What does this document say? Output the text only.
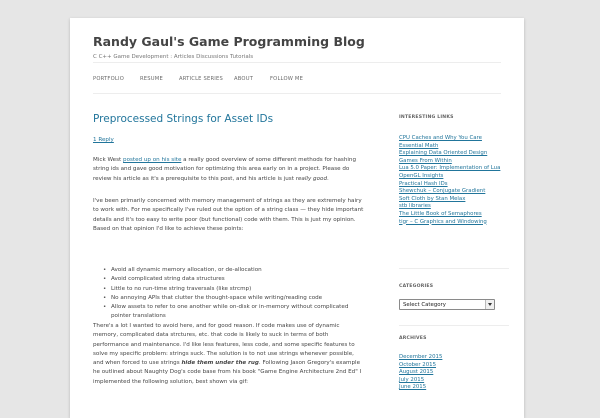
Randy Gaul's Game Programming Blog
C C++ Game Development : Articles Discussions Tutorials
PORTFOLIO	RESUME	ARTICLE SERIES ABOUT	FOLLOW ME
Preprocessed Strings for Asset IDs
1 Reply

Mick West posted up on his site a really good overview of some different methods for hashing string ids and gave good motivation for optimizing this area early on in a project. Please do review his article as it's a prerequisite to this post, and his article is just really good.

I've been primarily concerned with memory management of strings as they are extremely hairy to work with. For me specifically I've ruled out the option of a string class — they hide important details and it's too easy to write poor (but functional) code with them. This is just my opinion. Based on that opinion I'd like to achieve these points:

• Avoid all dynamic memory allocation, or de-allocation
• Avoid complicated string data structures
• Little to no run-time string traversals (like strcmp)
• No annoying APIs that clutter the thought-space while writing/reading code
• Allow assets to refer to one another while on-disk or in-memory without complicated pointer translations

There's a lot I wanted to avoid here, and for good reason. If code makes use of dynamic memory, complicated data strctures, etc. that code is likely to suck in terms of both performance and maintenance. I'd like less features, less code, and some specific features to solve my specific problem: strings suck. The solution is to not use strings whenever possible, and when forced to use strings hide them under the rug. Following Jason Gregory's example he outlined about Naughty Dog's code base from his book "Game Engine Architecture 2nd Ed" I implemented the following solution, best shown via gif:

INTERESTING LINKS
CPU Caches and Why You Care
Essential Math
Explaining Data Oriented Design
Games From Within
Lua 5.0 Paper: Implementation of Lua
OpenGL Insights
Practical Hash IDs
Shewchuk – Conjugate Gradient
Soft Cloth by Stan Melax
stb libraries
The Little Book of Semaphores
tigr – C Graphics and Windowing
CATEGORIES
Select Category
ARCHIVES
December 2015
October 2015
August 2015
July 2015
June 2015
